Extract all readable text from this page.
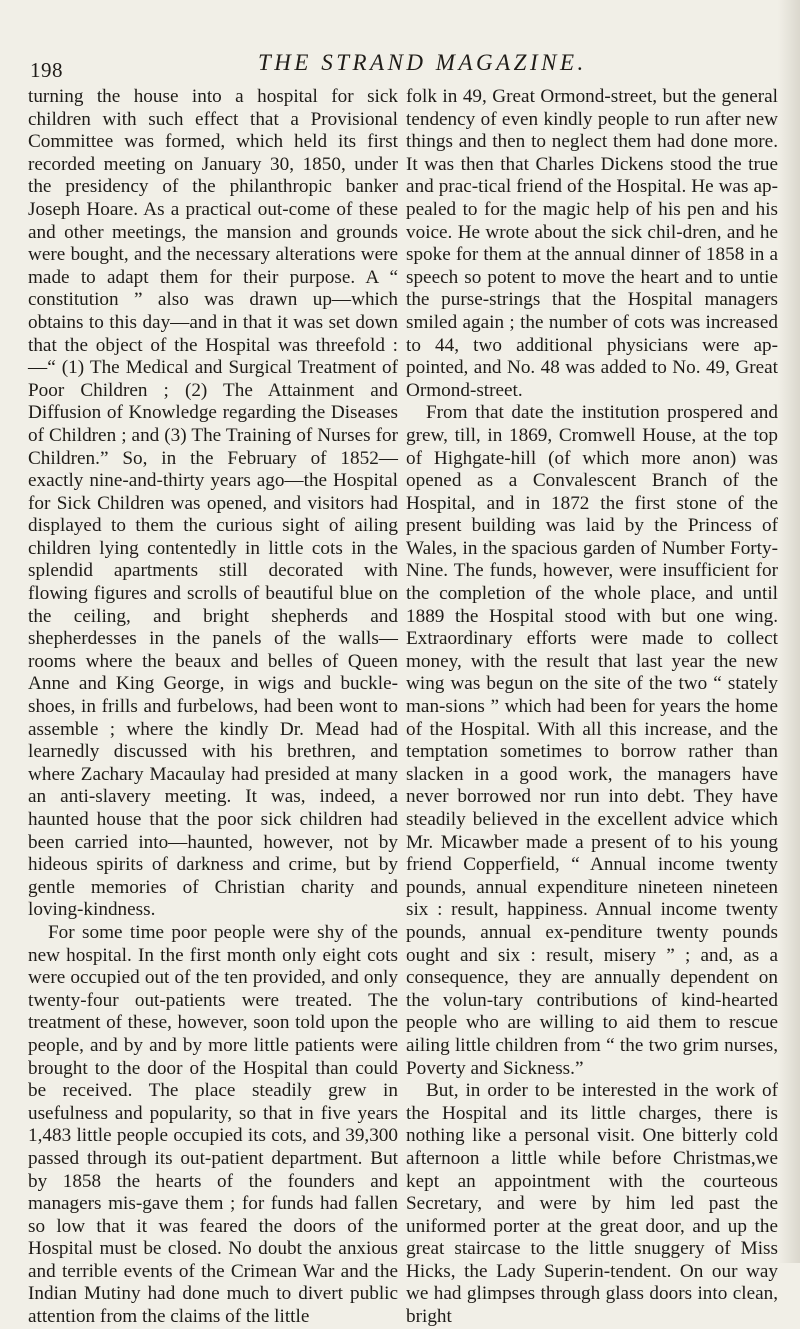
198	THE STRAND MAGAZINE.

turning the house into a hospital for sick children with such effect that a Provisional Committee was formed, which held its first recorded meeting on January 30, 1850, under the presidency of the philanthropic banker Joseph Hoare. As a practical out-come of these and other meetings, the mansion and grounds were bought, and the necessary alterations were made to adapt them for their purpose. A “ constitution ” also was drawn up—which obtains to this day—and in that it was set down that the object of the Hospital was threefold :—“ (1) The Medical and Surgical Treatment of Poor Children ; (2) The Attainment and Diffusion of Knowledge regarding the Diseases of Children ; and (3) The Training of Nurses for Children.” So, in the February of 1852—exactly nine-and-thirty years ago—the Hospital for Sick Children was opened, and visitors had displayed to them the curious sight of ailing children lying contentedly in little cots in the splendid apartments still decorated with flowing figures and scrolls of beautiful blue on the ceiling, and bright shepherds and shepherdesses in the panels of the walls—rooms where the beaux and belles of Queen Anne and King George, in wigs and buckle-shoes, in frills and furbelows, had been wont to assemble ; where the kindly Dr. Mead had learnedly discussed with his brethren, and where Zachary Macaulay had presided at many an anti-slavery meeting. It was, indeed, a haunted house that the poor sick children had been carried into—haunted, however, not by hideous spirits of darkness and crime, but by gentle memories of Christian charity and loving-kindness.

For some time poor people were shy of the new hospital. In the first month only eight cots were occupied out of the ten provided, and only twenty-four out-patients were treated. The treatment of these, however, soon told upon the people, and by and by more little patients were brought to the door of the Hospital than could be received. The place steadily grew in usefulness and popularity, so that in five years 1,483 little people occupied its cots, and 39,300 passed through its out-patient department. But by 1858 the hearts of the founders and managers mis-gave them ; for funds had fallen so low that it was feared the doors of the Hospital must be closed. No doubt the anxious and terrible events of the Crimean War and the Indian Mutiny had done much to divert public attention from the claims of the little

folk in 49, Great Ormond-street, but the general tendency of even kindly people to run after new things and then to neglect them had done more. It was then that Charles Dickens stood the true and prac-tical friend of the Hospital. He was ap-pealed to for the magic help of his pen and his voice. He wrote about the sick chil-dren, and he spoke for them at the annual dinner of 1858 in a speech so potent to move the heart and to untie the purse-strings that the Hospital managers smiled again ; the number of cots was increased to 44, two additional physicians were ap-pointed, and No. 48 was added to No. 49, Great Ormond-street.

From that date the institution prospered and grew, till, in 1869, Cromwell House, at the top of Highgate-hill (of which more anon) was opened as a Convalescent Branch of the Hospital, and in 1872 the first stone of the present building was laid by the Princess of Wales, in the spacious garden of Number Forty-Nine. The funds, however, were insufficient for the completion of the whole place, and until 1889 the Hospital stood with but one wing. Extraordinary efforts were made to collect money, with the result that last year the new wing was begun on the site of the two “ stately man-sions ” which had been for years the home of the Hospital. With all this increase, and the temptation sometimes to borrow rather than slacken in a good work, the managers have never borrowed nor run into debt. They have steadily believed in the excellent advice which Mr. Micawber made a present of to his young friend Copperfield, “ Annual income twenty pounds, annual expenditure nineteen nineteen six : result, happiness. Annual income twenty pounds, annual ex-penditure twenty pounds ought and six : result, misery ” ; and, as a consequence, they are annually dependent on the volun-tary contributions of kind-hearted people who are willing to aid them to rescue ailing little children from “ the two grim nurses, Poverty and Sickness.”

But, in order to be interested in the work of the Hospital and its little charges, there is nothing like a personal visit. One bitterly cold afternoon a little while before Christmas,we kept an appointment with the courteous Secretary, and were by him led past the uniformed porter at the great door, and up the great staircase to the little snuggery of Miss Hicks, the Lady Superin-tendent. On our way we had glimpses through glass doors into clean, bright
